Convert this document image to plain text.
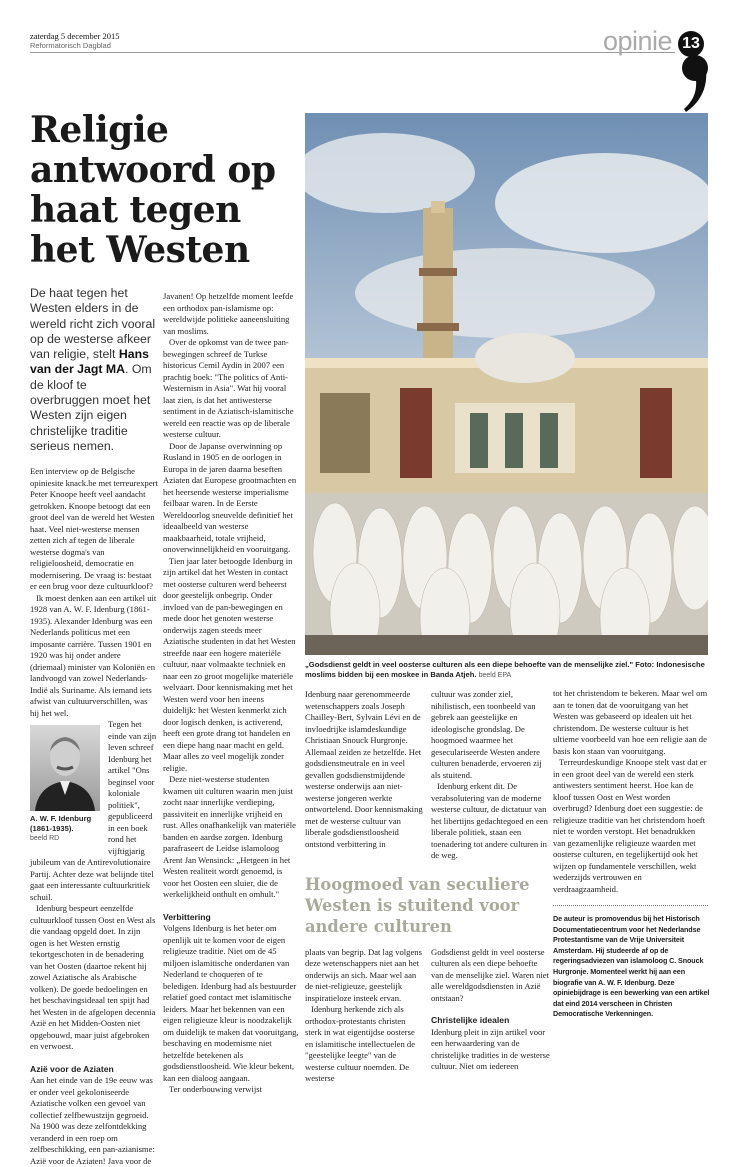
zaterdag 5 december 2015
Reformatorisch Dagblad	opinie 13
Religie antwoord op haat tegen het Westen
De haat tegen het Westen elders in de wereld richt zich vooral op de westerse afkeer van religie, stelt Hans van der Jagt MA. Om de kloof te overbruggen moet het Westen zijn eigen christelijke traditie serieus nemen.

Een interview op de Belgische opiniesite knack.be met terreurexpert Peter Knoope heeft veel aandacht getrokken. Knoope betoogt dat een groot deel van de wereld het Westen haat. Veel niet-westerse mensen zetten zich af tegen de liberale westerse dogma's van religieloosheid, democratie en modernisering. De vraag is: bestaat er een brug voor deze cultuurkloof?

Ik moest denken aan een artikel uit 1928 van A. W. F. Idenburg (1861-1935). Alexander Idenburg was een Nederlands politicus met een imposante carrière. Tussen 1901 en 1920 was hij onder andere (driemaal) minister van Koloniën en landvoogd van zowel Nederlands-Indië als Suriname. Als iemand iets afwist van cultuurverschillen, was hij het wel.

A. W. F. Idenburg (1861-1935).
beeld RD

Tegen het einde van zijn leven schreef Idenburg het artikel "Ons beginsel voor koloniale politiek", gepubliceerd in een boek rond het vijftigjarig jubileum van de Antirevolutionaire Partij. Achter deze wat belijnde titel gaat een interessante cultuurkritiek schuil.

Idenburg bespeurt eenzelfde cultuurkloof tussen Oost en West als die vandaag opgeld doet. In zijn ogen is het Westen ernstig tekortgeschoten in de benadering van het Oosten (daartoe rekent hij zowel Aziatische als Arabische volken). De goede bedoelingen en het beschavingsideaal ten spijt had het Westen in de afgelopen decennia Azië en het Midden-Oosten niet opgebouwd, maar juist afgebroken en verwoest.

Azië voor de Aziaten

Aan het einde van de 19e eeuw was er onder veel gekoloniseerde Aziatische volken een gevoel van collectief zelfbewustzijn gegroeid. Na 1900 was deze zelfontdekking veranderd in een roep om zelfbeschikking, een pan-azianisme: Azië voor de Aziaten! Java voor de

Javanen! Op hetzelfde moment leefde een orthodox pan-islamisme op: wereldwijde politieke aaneensluiting van moslims.

Over de opkomst van de twee pan-bewegingen schreef de Turkse historicus Cemil Aydin in 2007 een prachtig boek: "The politics of Anti-Westernism in Asia". Wat hij vooral laat zien, is dat het antiwesterse sentiment in de Aziatisch-islamitische wereld een reactie was op de liberale westerse cultuur.

Door de Japanse overwinning op Rusland in 1905 en de oorlogen in Europa in de jaren daarna beseften Aziaten dat Europese grootmachten en het heersende westerse imperialisme feilbaar waren. In de Eerste Wereldoorlog sneuvelde definitief het ideaalbeeld van westerse maakbaarheid, totale vrijheid, onoverwinnelijkheid en vooruitgang.

Tien jaar later betoogde Idenburg in zijn artikel dat het Westen in contact met oosterse culturen werd beheerst door geestelijk onbegrip. Onder invloed van de pan-bewegingen en mede door het genoten westerse onderwijs zagen steeds meer Aziatische studenten in dat het Westen streefde naar een hogere materiële cultuur, naar volmaakte techniek en naar een zo groot mogelijke materiële welvaart. Door kennismaking met het Westen werd voor hen ineens duidelijk: het Westen kenmerkt zich door logisch denken, is activerend, heeft een grote drang tot handelen en een diepe hang naar macht en geld. Maar alles zo veel mogelijk zonder religie.

Deze niet-westerse studenten kwamen uit culturen waarin men juist zocht naar innerlijke verdieping, passiviteit en innerlijke vrijheid en rust. Alles onafhankelijk van materiële banden en aardse zorgen. Idenburg parafraseert de Leidse islamoloog Arent Jan Wensinck: „Hetgeen in het Westen realiteit wordt genoemd, is voor het Oosten een sluier, die de werkelijkheid onthult en omhult."

Verbittering

Volgens Idenburg is het beter om openlijk uit te komen voor de eigen religieuze traditie. Niet om de 45 miljoen islamitische onderdanen van Nederland te choqueren of te beledigen. Idenburg had als bestuurder relatief goed contact met islamitische leiders. Maar het bekennen van een eigen religieuze kleur is noodzakelijk om duidelijk te maken dat vooruitgang, beschaving en modernisme niet hetzelfde betekenen als godsdienstloosheid. Wie kleur bekent, kan een dialoog aangaan.

Ter onderbouwing verwijst

„Godsdienst geldt in veel oosterse culturen als een diepe behoefte van de menselijke ziel." Foto: Indonesische moslims bidden bij een moskee in Banda Atjeh. beeld EPA

Idenburg naar gerenommeerde wetenschappers zoals Joseph Chailley-Bert, Sylvain Lévi en de invloedrijke islamdeskundige Christiaan Snouck Hurgronje. Allemaal zeiden ze hetzelfde. Het godsdienstneutrale en in veel gevallen godsdienstmijdende westerse onderwijs aan niet-westerse jongeren werkte ontwortelend. Door kennismaking met de westerse cultuur van liberale godsdienstloosheid ontstond verbittering in

cultuur was zonder ziel, nihilistisch, een toonbeeld van gebrek aan geestelijke en ideologische grondslag. De hoogmoed waarmee het geseculariseerde Westen andere culturen benaderde, ervoeren zij als stuitend.

Idenburg erkent dit. De verabsolutering van de moderne westerse cultuur, de dictatuur van het libertijns gedachtegoed en een liberale politiek, staan een toenadering tot andere culturen in de weg.

Hoogmoed van seculiere Westen is stuitend voor andere culturen

plaats van begrip. Dat lag volgens deze wetenschappers niet aan het onderwijs an sich. Maar wel aan de niet-religieuze, geestelijk inspiratieloze insteek ervan.

Idenburg herkende zich als orthodox-protestants christen sterk in wat eigentijdse oosterse en islamitische intellectuelen de "geestelijke leegte" van de westerse cultuur noemden. De westerse

Godsdienst geldt in veel oosterse culturen als een diepe behoefte van de menselijke ziel. Waren niet alle wereldgodsdiensten in Azië ontstaan?

Christelijke idealen

Idenburg pleit in zijn artikel voor een herwaardering van de christelijke tradities in de westerse cultuur. Niet om iedereen

tot het christendom te bekeren. Maar wel om aan te tonen dat de vooruitgang van het Westen was gebaseerd op idealen uit het christendom. De westerse cultuur is het ultieme voorbeeld van hoe een religie aan de basis kon staan van vooruitgang.

Terreurdeskundige Knoope stelt vast dat er in een groot deel van de wereld een sterk antiwesters sentiment heerst. Hoe kan de kloof tussen Oost en West worden overbrugd? Idenburg doet een suggestie: de religieuze traditie van het christendom hoeft niet te worden verstopt. Het benadrukken van gezamenlijke religieuze waarden met oosterse culturen, en tegelijkertijd ook het wijzen op fundamentele verschillen, wekt wederzijds vertrouwen en verdraagzaamheid.

De auteur is promovendus bij het Historisch Documentatiecentrum voor het Nederlandse Protestantisme van de Vrije Universiteit Amsterdam. Hij studeerde af op de regeringsadviezen van islamoloog C. Snouck Hurgronje. Momenteel werkt hij aan een biografie van A. W. F. Idenburg. Deze opiniebijdrage is een bewerking van een artikel dat eind 2014 verscheen in Christen Democratische Verkenningen.
